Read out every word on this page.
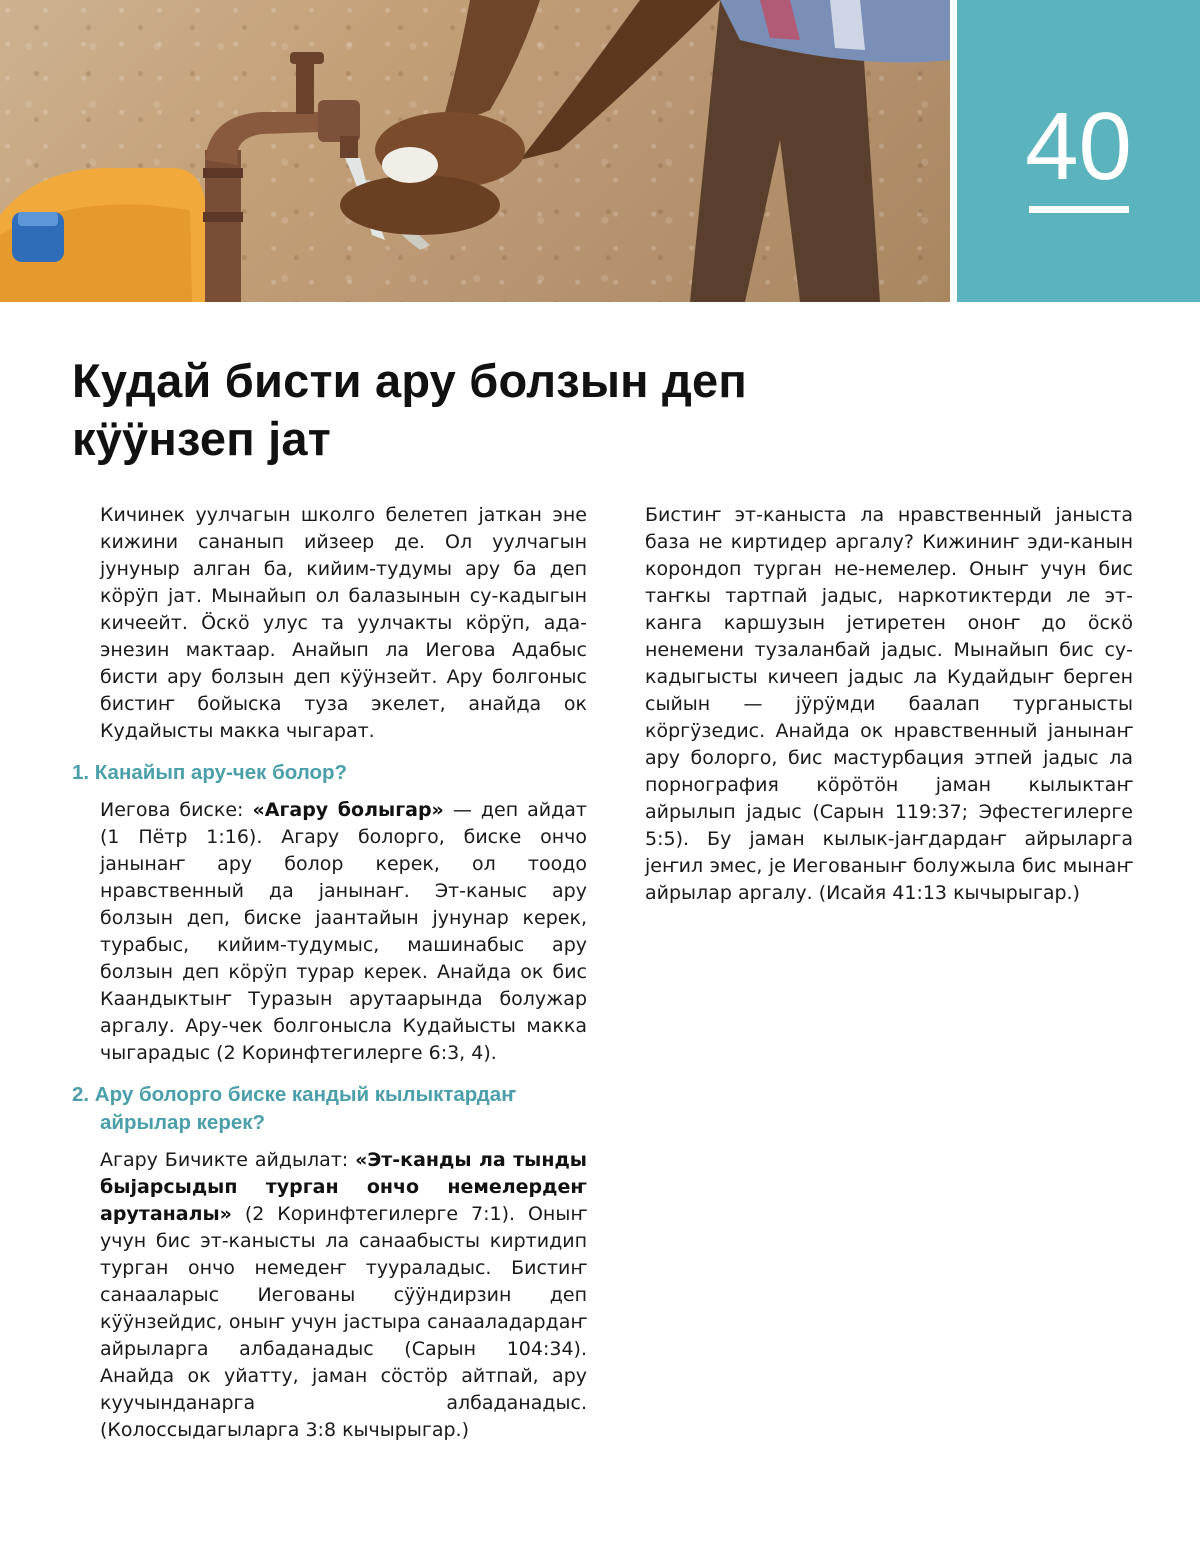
40
Кудай бисти ару болзын деп кӱӱнзеп јат

Кичинек уулчагын школго белетеп јаткан эне кижини сананып ийзеер де. Ол уулчагын јунуныр алган ба, кийим-тудумы ару ба деп кӧрӱп јат. Мынайып ол балазынын су-кадыгын кичеейт. Ӧскӧ улус та уулчакты кӧрӱп, ада-энезин мактаар. Анайып ла Иегова Адабыс бисти ару болзын деп кӱӱнзейт. Ару болгоныс бистиҥ бойыска туза экелет, анайда ок Кудайысты макка чыгарат.

1. Канайып ару-чек болор?

Иегова биске: «Агару болыгар» — деп айдат (1 Пётр 1:16). Агару болорго, биске ончо јанынаҥ ару болор керек, ол тоодо нравственный да јанынаҥ. Эт-каныс ару болзын деп, биске јаантайын јунунар керек, турабыс, кийим-тудумыс, машинабыс ару болзын деп кӧрӱп турар керек. Анайда ок бис Каандыктыҥ Туразын арутаарында болужар аргалу. Ару-чек болгонысла Кудайысты макка чыгарадыс (2 Коринфтегилерге 6:3, 4).

2. Ару болорго биске кандый кылыктардаҥ айрылар керек?

Агару Бичикте айдылат: «Эт-канды ла тынды быјарсыдып турган ончо немелердеҥ арутаналы» (2 Коринфтегилерге 7:1). Оныҥ учун бис эт-канысты ла санаабысты киртидип турган ончо немедеҥ туураладыс. Бистиҥ санааларыс Иегованы сӱӱндирзин деп кӱӱнзейдис, оныҥ учун јастыра санааладардаҥ айрыларга албаданадыс (Сарын 104:34). Анайда ок уйатту, јаман сӧстӧр айтпай, ару куучынданарга албаданадыс. (Колоссыдагыларга 3:8 кычырыгар.)

Бистиҥ эт-каныста ла нравственный јаныста база не киртидер аргалу? Кижиниҥ эди-канын корондоп турган не-немелер. Оныҥ учун бис таҥкы тартпай јадыс, наркотиктерди ле эт-канга каршузын јетиретен оноҥ до ӧскӧ ненемени тузаланбай јадыс. Мынайып бис су-кадыгысты кичееп јадыс ла Кудайдыҥ берген сыйын — јӱрӱмди баалап турганысты кӧргӱзедис. Анайда ок нравственный јанынаҥ ару болорго, бис мастурбация этпей јадыс ла порнография кӧрӧтӧн јаман кылыктаҥ айрылып јадыс (Сарын 119:37; Эфестегилерге 5:5). Бу јаман кылык-јаҥдардаҥ айрыларга јеҥил эмес, је Иегованыҥ болужыла бис мынаҥ айрылар аргалу. (Исайя 41:13 кычырыгар.)
